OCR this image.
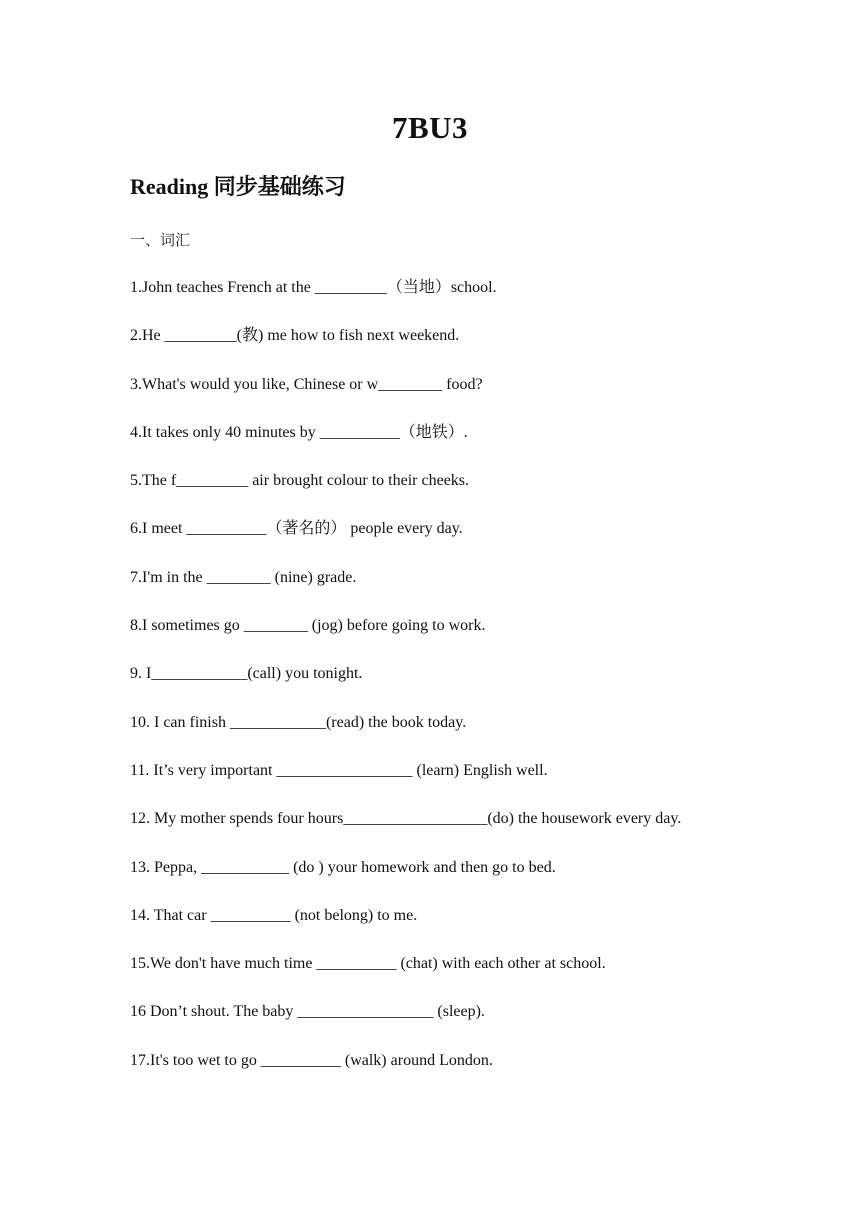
7BU3
Reading 同步基础练习
一、词汇
1.John teaches French at the _________（当地）school.
2.He _________(教) me how to fish next weekend.
3.What's would you like, Chinese or w________ food?
4.It takes only 40 minutes by __________（地铁）.
5.The f_________ air brought colour to their cheeks.
6.I meet __________（著名的） people every day.
7.I'm in the ________ (nine) grade.
8.I sometimes go ________ (jog) before going to work.
9. I____________(call) you tonight.
10. I can finish ____________(read) the book today.
11. It’s very important _________________ (learn) English well.
12. My mother spends four hours__________________(do) the housework every day.
13. Peppa, ___________ (do ) your homework and then go to bed.
14. That car __________ (not belong) to me.
15.We don't have much time __________ (chat) with each other at school.
16 Don’t shout. The baby _________________ (sleep).
17.It's too wet to go __________ (walk) around London.
